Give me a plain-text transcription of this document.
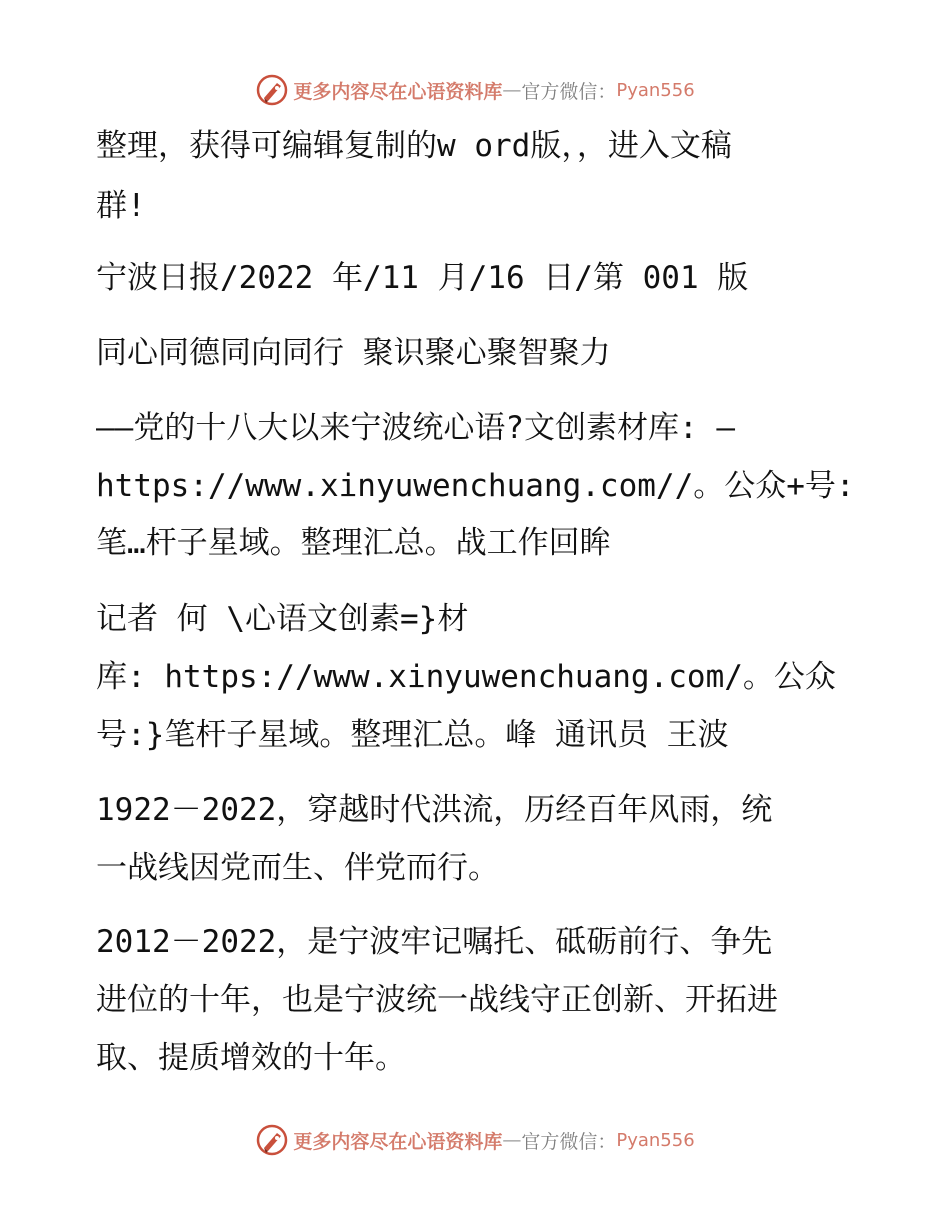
更多内容尽在心语资料库 — 官方微信： Pyan556
整理，获得可编辑复制的w ord版，，进入文稿
群!
宁波日报/2022 年/11 月/16 日/第 001 版
同心同德同向同行 聚识聚心聚智聚力
——党的十八大以来宁波统心语?文创素材库: —
https://www.xinyuwenchuang.com//。公众+号:
笔…杆子星域。整理汇总。战工作回眸
记者 何 \心语文创素=}材
库: https://www.xinyuwenchuang.com/。公众
号:}笔杆子星域。整理汇总。峰 通讯员 王波
1922－2022，穿越时代洪流，历经百年风雨，统
一战线因党而生、伴党而行。
2012－2022，是宁波牢记嘱托、砥砺前行、争先
进位的十年，也是宁波统一战线守正创新、开拓进
取、提质增效的十年。
更多内容尽在心语资料库 — 官方微信： Pyan556
